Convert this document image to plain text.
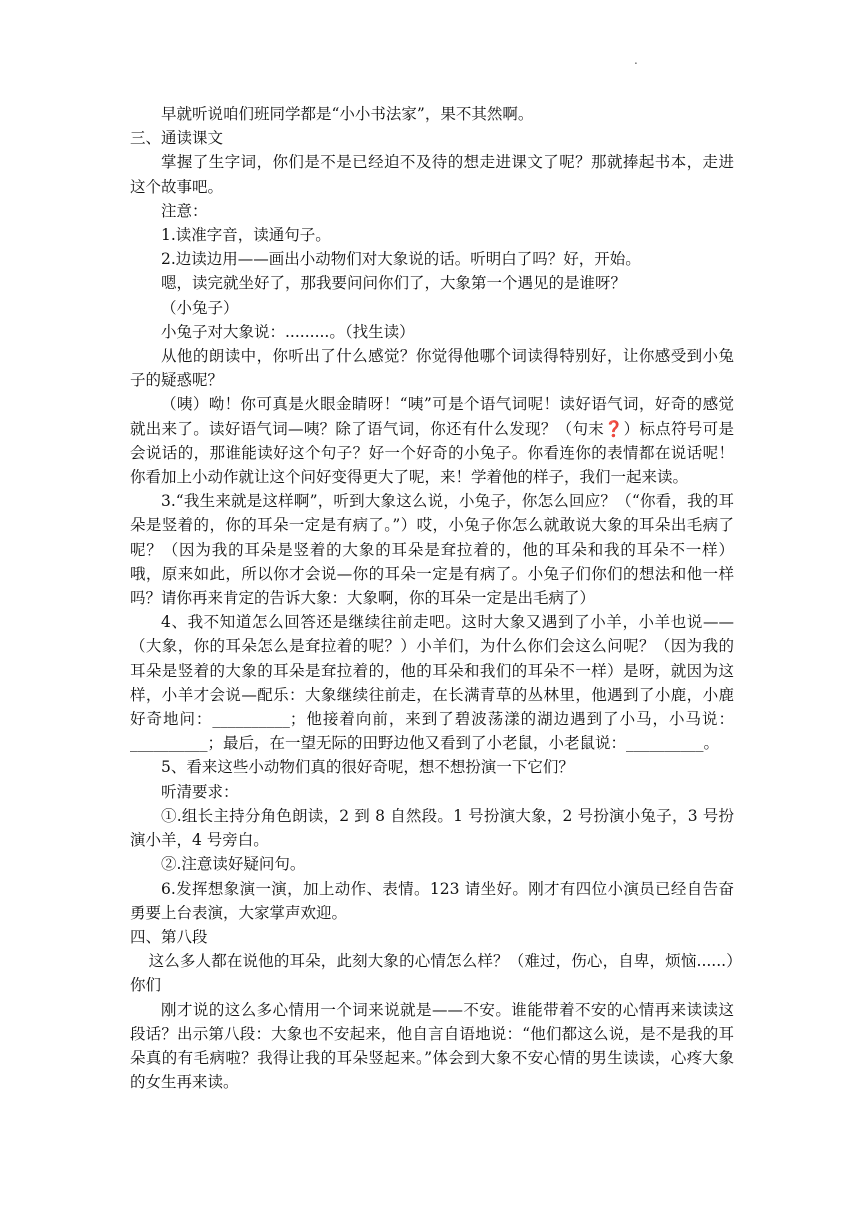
.

早就听说咱们班同学都是“小小书法家”，果不其然啊。

三、通读课文

掌握了生字词，你们是不是已经迫不及待的想走进课文了呢？那就捧起书本，走进这个故事吧。

注意：

1.读准字音，读通句子。

2.边读边用——画出小动物们对大象说的话。听明白了吗？好，开始。

嗯，读完就坐好了，那我要问问你们了，大象第一个遇见的是谁呀？

（小兔子）

小兔子对大象说：.........。（找生读）

从他的朗读中，你听出了什么感觉？你觉得他哪个词读得特别好，让你感受到小兔子的疑惑呢？

（咦）呦！你可真是火眼金睛呀！“咦”可是个语气词呢！读好语气词，好奇的感觉就出来了。读好语气词—咦？除了语气词，你还有什么发现？（句末❓）标点符号可是会说话的，那谁能读好这个句子？好一个好奇的小兔子。你看连你的表情都在说话呢！你看加上小动作就让这个问好变得更大了呢，来！学着他的样子，我们一起来读。

3.“我生来就是这样啊”，听到大象这么说，小兔子，你怎么回应？（“你看，我的耳朵是竖着的，你的耳朵一定是有病了。”）哎，小兔子你怎么就敢说大象的耳朵出毛病了呢？（因为我的耳朵是竖着的大象的耳朵是耷拉着的，他的耳朵和我的耳朵不一样）哦，原来如此，所以你才会说—你的耳朵一定是有病了。小兔子们你们的想法和他一样吗？请你再来肯定的告诉大象：大象啊，你的耳朵一定是出毛病了）

4、我不知道怎么回答还是继续往前走吧。这时大象又遇到了小羊，小羊也说——（大象，你的耳朵怎么是耷拉着的呢？）小羊们，为什么你们会这么问呢？（因为我的耳朵是竖着的大象的耳朵是耷拉着的，他的耳朵和我们的耳朵不一样）是呀，就因为这样，小羊才会说—配乐：大象继续往前走，在长满青草的丛林里，他遇到了小鹿，小鹿好奇地问：__________；他接着向前，来到了碧波荡漾的湖边遇到了小马，小马说：__________；最后，在一望无际的田野边他又看到了小老鼠，小老鼠说：__________。

5、看来这些小动物们真的很好奇呢，想不想扮演一下它们？

听清要求：

①.组长主持分角色朗读，2 到 8 自然段。1 号扮演大象，2 号扮演小兔子，3 号扮演小羊，4 号旁白。

②.注意读好疑问句。

6.发挥想象演一演，加上动作、表情。123 请坐好。刚才有四位小演员已经自告奋勇要上台表演，大家掌声欢迎。

四、第八段

这么多人都在说他的耳朵，此刻大象的心情怎么样？（难过，伤心，自卑，烦恼......）你们

刚才说的这么多心情用一个词来说就是——不安。谁能带着不安的心情再来读读这段话？出示第八段：大象也不安起来，他自言自语地说：“他们都这么说，是不是我的耳朵真的有毛病啦？我得让我的耳朵竖起来。”体会到大象不安心情的男生读读，心疼大象的女生再来读。
